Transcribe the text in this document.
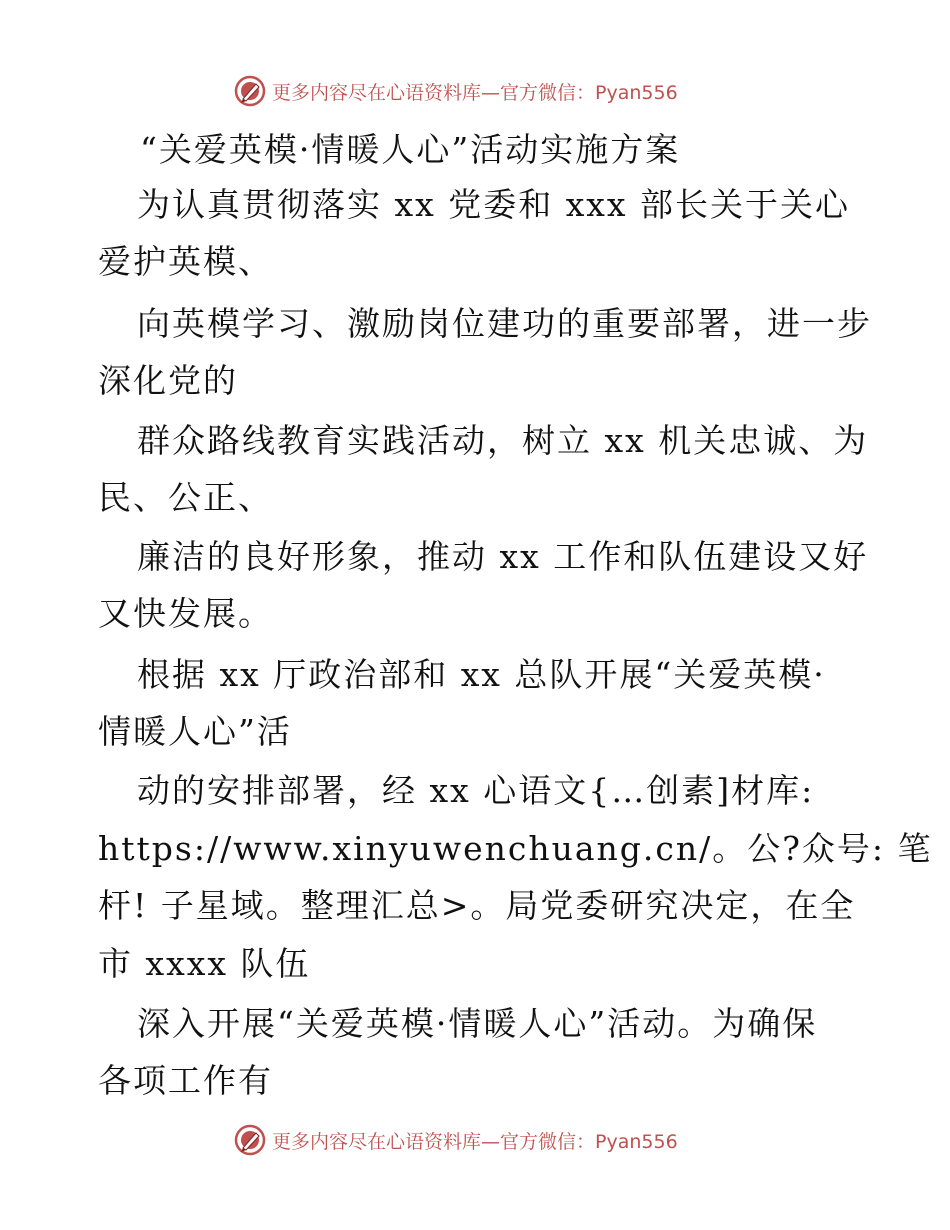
更多内容尽在心语资料库—官方微信：Pyan556
“关爱英模·情暖人心”活动实施方案
为认真贯彻落实 xx 党委和 xxx 部长关于关心
爱护英模、
向英模学习、激励岗位建功的重要部署，进一步
深化党的
群众路线教育实践活动，树立 xx 机关忠诚、为
民、公正、
廉洁的良好形象，推动 xx 工作和队伍建设又好
又快发展。
根据 xx 厅政治部和 xx 总队开展“关爱英模·
情暖人心”活
动的安排部署，经 xx 心语文{…创素]材库:
https://www.xinyuwenchuang.cn/。公?众号: 笔
杆! 子星域。整理汇总>。局党委研究决定，在全
市 xxxx 队伍
深入开展“关爱英模·情暖人心”活动。为确保
各项工作有
更多内容尽在心语资料库—官方微信：Pyan556
